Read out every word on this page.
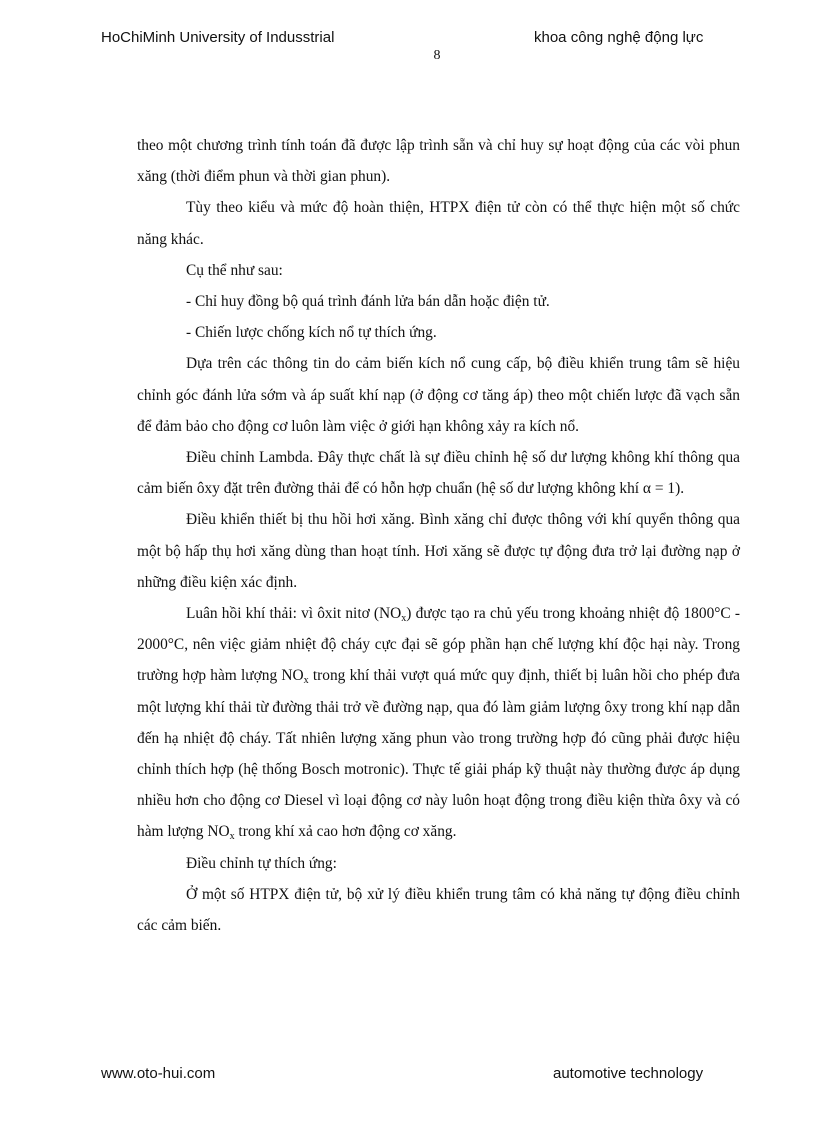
HoChiMinh University of Indusstrial	khoa công nghệ động lực
8

theo một chương trình tính toán đã được lập trình sẵn và chỉ huy sự hoạt động của các vòi phun xăng (thời điểm phun và thời gian phun).

Tùy theo kiểu và mức độ hoàn thiện, HTPX điện tử còn có thể thực hiện một số chức năng khác.

Cụ thể như sau:

- Chỉ huy đồng bộ quá trình đánh lửa bán dẫn hoặc điện tử.

- Chiến lược chống kích nổ tự thích ứng.

Dựa trên các thông tin do cảm biến kích nổ cung cấp, bộ điều khiển trung tâm sẽ hiệu chỉnh góc đánh lửa sớm và áp suất khí nạp (ở động cơ tăng áp) theo một chiến lược đã vạch sẵn để đảm bảo cho động cơ luôn làm việc ở giới hạn không xảy ra kích nổ.

Điều chỉnh Lambda. Đây thực chất là sự điều chỉnh hệ số dư lượng không khí thông qua cảm biến ôxy đặt trên đường thải để có hỗn hợp chuẩn (hệ số dư lượng không khí α = 1).

Điều khiển thiết bị thu hồi hơi xăng. Bình xăng chỉ được thông với khí quyển thông qua một bộ hấp thụ hơi xăng dùng than hoạt tính. Hơi xăng sẽ được tự động đưa trở lại đường nạp ở những điều kiện xác định.

Luân hồi khí thải: vì ôxit nitơ $(NO_x)$ được tạo ra chủ yếu trong khoảng nhiệt độ 1800°C - 2000°C, nên việc giảm nhiệt độ cháy cực đại sẽ góp phần hạn chế lượng khí độc hại này. Trong trường hợp hàm lượng $NO_x$ trong khí thải vượt quá mức quy định, thiết bị luân hồi cho phép đưa một lượng khí thải từ đường thải trở về đường nạp, qua đó làm giảm lượng ôxy trong khí nạp dẫn đến hạ nhiệt độ cháy. Tất nhiên lượng xăng phun vào trong trường hợp đó cũng phải được hiệu chỉnh thích hợp (hệ thống Bosch motronic). Thực tế giải pháp kỹ thuật này thường được áp dụng nhiều hơn cho động cơ Diesel vì loại động cơ này luôn hoạt động trong điều kiện thừa ôxy và có hàm lượng $NO_x$ trong khí xả cao hơn động cơ xăng.

Điều chỉnh tự thích ứng:

Ở một số HTPX điện tử, bộ xử lý điều khiển trung tâm có khả năng tự động điều chỉnh các cảm biến.

www.oto-hui.com	automotive technology
